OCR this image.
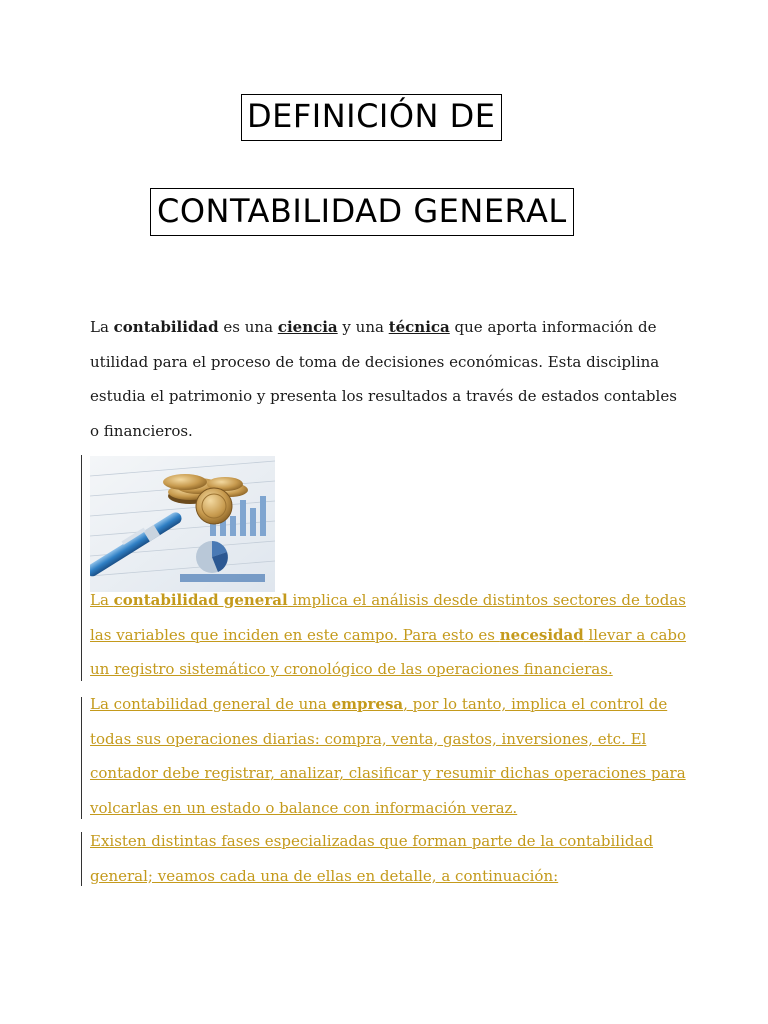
DEFINICIÓN DE
CONTABILIDAD GENERAL
La contabilidad es una ciencia y una técnica que aporta información de utilidad para el proceso de toma de decisiones económicas. Esta disciplina estudia el patrimonio y presenta los resultados a través de estados contables o financieros.
La contabilidad general implica el análisis desde distintos sectores de todas las variables que inciden en este campo. Para esto es necesidad llevar a cabo un registro sistemático y cronológico de las operaciones financieras.
La contabilidad general de una empresa, por lo tanto, implica el control de todas sus operaciones diarias: compra, venta, gastos, inversiones, etc. El contador debe registrar, analizar, clasificar y resumir dichas operaciones para volcarlas en un estado o balance con información veraz.
Existen distintas fases especializadas que forman parte de la contabilidad general; veamos cada una de ellas en detalle, a continuación:
